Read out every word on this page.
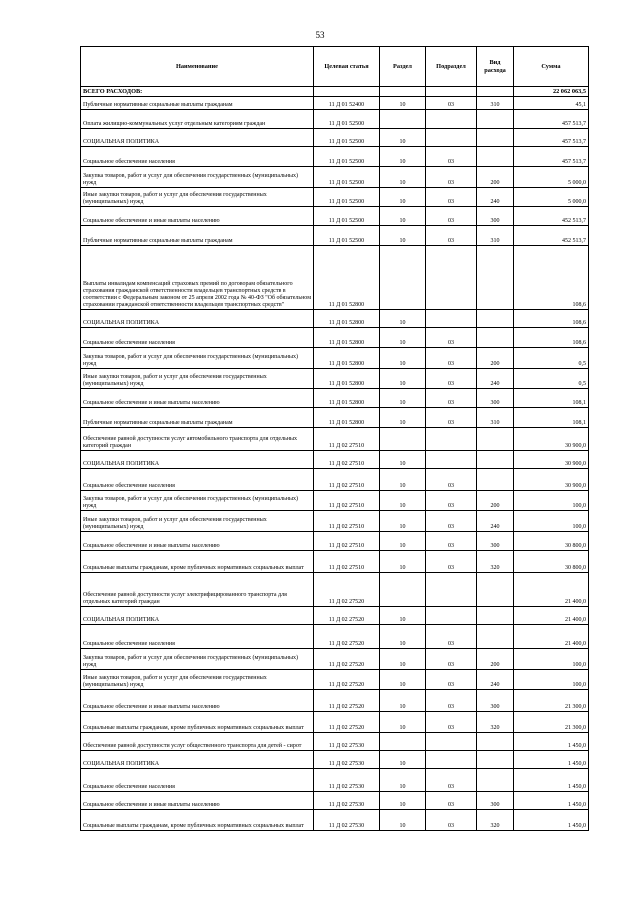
53
Наименование	Целевая статья	Раздел	Подраздел	Вид расхода	Сумма
ВСЕГО РАСХОДОВ:					22 062 063,5
Публичные нормативные социальные выплаты гражданам	11 Д 01 52400	10	03	310	45,1
Оплата жилищно-коммунальных услуг отдельным категориям граждан	11 Д 01 52500				457 513,7
СОЦИАЛЬНАЯ ПОЛИТИКА	11 Д 01 52500	10			457 513,7
Социальное обеспечение населения	11 Д 01 52500	10	03		457 513,7
Закупка товаров, работ и услуг для обеспечения государственных (муниципальных) нужд	11 Д 01 52500	10	03	200	5 000,0
Иные закупки товаров, работ и услуг для обеспечения государственных (муниципальных) нужд	11 Д 01 52500	10	03	240	5 000,0
Социальное обеспечение и иные выплаты населению	11 Д 01 52500	10	03	300	452 513,7
Публичные нормативные социальные выплаты гражданам	11 Д 01 52500	10	03	310	452 513,7
Выплаты инвалидам компенсаций страховых премий по договорам обязательного страхования гражданской ответственности владельцев транспортных средств в соответствии с Федеральным законом от 25 апреля 2002 года № 40-ФЗ "Об обязательном страховании гражданской ответственности владельцев транспортных средств"	11 Д 01 52800				108,6
СОЦИАЛЬНАЯ ПОЛИТИКА	11 Д 01 52800	10			108,6
Социальное обеспечение населения	11 Д 01 52800	10	03		108,6
Закупка товаров, работ и услуг для обеспечения государственных (муниципальных) нужд	11 Д 01 52800	10	03	200	0,5
Иные закупки товаров, работ и услуг для обеспечения государственных (муниципальных) нужд	11 Д 01 52800	10	03	240	0,5
Социальное обеспечение и иные выплаты населению	11 Д 01 52800	10	03	300	108,1
Публичные нормативные социальные выплаты гражданам	11 Д 01 52800	10	03	310	108,1
Обеспечение равной доступности услуг автомобильного транспорта для отдельных категорий граждан	11 Д 02 27510				30 900,0
СОЦИАЛЬНАЯ ПОЛИТИКА	11 Д 02 27510	10			30 900,0
Социальное обеспечение населения	11 Д 02 27510	10	03		30 900,0
Закупка товаров, работ и услуг для обеспечения государственных (муниципальных) нужд	11 Д 02 27510	10	03	200	100,0
Иные закупки товаров, работ и услуг для обеспечения государственных (муниципальных) нужд	11 Д 02 27510	10	03	240	100,0
Социальное обеспечение и иные выплаты населению	11 Д 02 27510	10	03	300	30 800,0
Социальные выплаты гражданам, кроме публичных нормативных социальных выплат	11 Д 02 27510	10	03	320	30 800,0
Обеспечение равной доступности услуг электрифицированного транспорта для отдельных категорий граждан	11 Д 02 27520				21 400,0
СОЦИАЛЬНАЯ ПОЛИТИКА	11 Д 02 27520	10			21 400,0
Социальное обеспечение населения	11 Д 02 27520	10	03		21 400,0
Закупка товаров, работ и услуг для обеспечения государственных (муниципальных) нужд	11 Д 02 27520	10	03	200	100,0
Иные закупки товаров, работ и услуг для обеспечения государственных (муниципальных) нужд	11 Д 02 27520	10	03	240	100,0
Социальное обеспечение и иные выплаты населению	11 Д 02 27520	10	03	300	21 300,0
Социальные выплаты гражданам, кроме публичных нормативных социальных выплат	11 Д 02 27520	10	03	320	21 300,0
Обеспечение равной доступности услуг общественного транспорта для детей - сирот	11 Д 02 27530				1 450,0
СОЦИАЛЬНАЯ ПОЛИТИКА	11 Д 02 27530	10			1 450,0
Социальное обеспечение населения	11 Д 02 27530	10	03		1 450,0
Социальное обеспечение и иные выплаты населению	11 Д 02 27530	10	03	300	1 450,0
Социальные выплаты гражданам, кроме публичных нормативных социальных выплат	11 Д 02 27530	10	03	320	1 450,0
